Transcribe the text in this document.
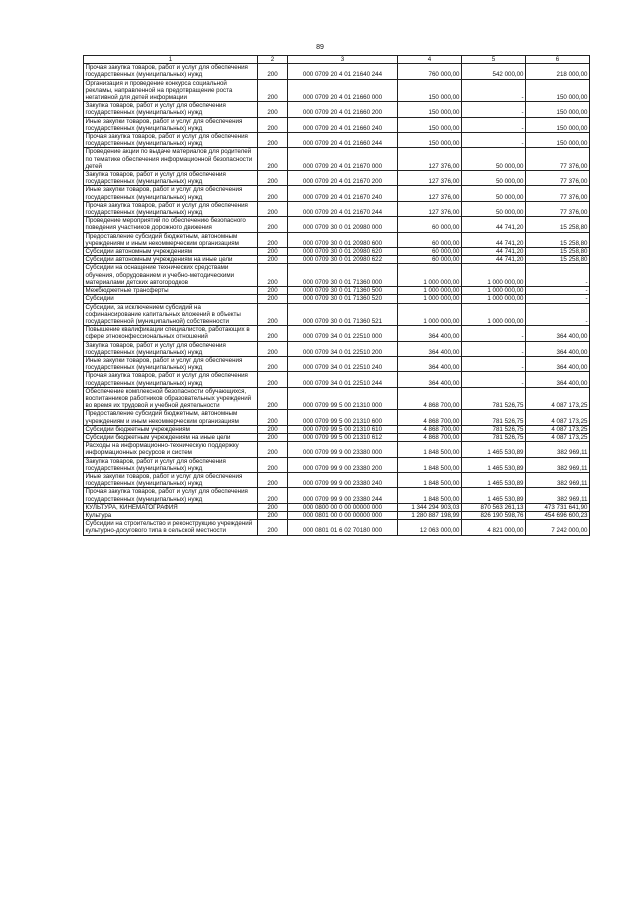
89
1	2	3	4	5	6
Прочая закупка товаров, работ и услуг для обеспечения государственных (муниципальных) нужд	200	000 0709 20 4 01 21640 244	760 000,00	542 000,00	218 000,00
Организация и проведение конкурса социальной рекламы, направленной на предотвращение роста негативной для детей информации	200	000 0709 20 4 01 21660 000	150 000,00	-	150 000,00
Закупка товаров, работ и услуг для обеспечения государственных (муниципальных) нужд	200	000 0709 20 4 01 21660 200	150 000,00	-	150 000,00
Иные закупки товаров, работ и услуг для обеспечения государственных (муниципальных) нужд	200	000 0709 20 4 01 21660 240	150 000,00	-	150 000,00
Прочая закупка товаров, работ и услуг для обеспечения государственных (муниципальных) нужд	200	000 0709 20 4 01 21660 244	150 000,00	-	150 000,00
Проведение акции по выдаче материалов для родителей по тематике обеспечения информационной безопасности детей	200	000 0709 20 4 01 21670 000	127 376,00	50 000,00	77 376,00
Закупка товаров, работ и услуг для обеспечения государственных (муниципальных) нужд	200	000 0709 20 4 01 21670 200	127 376,00	50 000,00	77 376,00
Иные закупки товаров, работ и услуг для обеспечения государственных (муниципальных) нужд	200	000 0709 20 4 01 21670 240	127 376,00	50 000,00	77 376,00
Прочая закупка товаров, работ и услуг для обеспечения государственных (муниципальных) нужд	200	000 0709 20 4 01 21670 244	127 376,00	50 000,00	77 376,00
Проведение мероприятий по обеспечению безопасного поведения участников дорожного движения	200	000 0709 30 0 01 20980 000	60 000,00	44 741,20	15 258,80
Предоставление субсидий бюджетным, автономным учреждениям и иным некоммерческим организациям	200	000 0709 30 0 01 20980 600	60 000,00	44 741,20	15 258,80
Субсидии автономным учреждениям	200	000 0709 30 0 01 20980 620	60 000,00	44 741,20	15 258,80
Субсидии автономным учреждениям на иные цели	200	000 0709 30 0 01 20980 622	60 000,00	44 741,20	15 258,80
Субсидии на оснащение технических средствами обучения, оборудованием и учебно-методическими материалами детских автогородков	200	000 0709 30 0 01 71360 000	1 000 000,00	1 000 000,00	-
Межбюджетные трансферты	200	000 0709 30 0 01 71360 500	1 000 000,00	1 000 000,00	-
Субсидии	200	000 0709 30 0 01 71360 520	1 000 000,00	1 000 000,00	-
Субсидии, за исключением субсидий на софинансирование капитальных вложений в объекты государственной (муниципальной) собственности	200	000 0709 30 0 01 71360 521	1 000 000,00	1 000 000,00	-
Повышение квалификации специалистов, работающих в сфере этноконфессиональных отношений	200	000 0709 34 0 01 22510 000	364 400,00	-	364 400,00
Закупка товаров, работ и услуг для обеспечения государственных (муниципальных) нужд	200	000 0709 34 0 01 22510 200	364 400,00	-	364 400,00
Иные закупки товаров, работ и услуг для обеспечения государственных (муниципальных) нужд	200	000 0709 34 0 01 22510 240	364 400,00	-	364 400,00
Прочая закупка товаров, работ и услуг для обеспечения государственных (муниципальных) нужд	200	000 0709 34 0 01 22510 244	364 400,00	-	364 400,00
Обеспечение комплексной безопасности обучающихся, воспитанников работников образовательных учреждений во время их трудовой и учебной деятельности	200	000 0709 99 5 00 21310 000	4 868 700,00	781 526,75	4 087 173,25
Предоставление субсидий бюджетным, автономным учреждениям и иным некоммерческим организациям	200	000 0709 99 5 00 21310 600	4 868 700,00	781 526,75	4 087 173,25
Субсидии бюджетным учреждениям	200	000 0709 99 5 00 21310 610	4 868 700,00	781 526,75	4 087 173,25
Субсидии бюджетным учреждениям на иные цели	200	000 0709 99 5 00 21310 612	4 868 700,00	781 526,75	4 087 173,25
Расходы на информационно-техническую поддержку информационных ресурсов и систем	200	000 0709 99 9 00 23380 000	1 848 500,00	1 465 530,89	382 969,11
Закупка товаров, работ и услуг для обеспечения государственных (муниципальных) нужд	200	000 0709 99 9 00 23380 200	1 848 500,00	1 465 530,89	382 969,11
Иные закупки товаров, работ и услуг для обеспечения государственных (муниципальных) нужд	200	000 0709 99 9 00 23380 240	1 848 500,00	1 465 530,89	382 969,11
Прочая закупка товаров, работ и услуг для обеспечения государственных (муниципальных) нужд	200	000 0709 99 9 00 23380 244	1 848 500,00	1 465 530,89	382 969,11
КУЛЬТУРА, КИНЕМАТОГРАФИЯ	200	000 0800 00 0 00 00000 000	1 344 294 903,03	870 563 261,13	473 731 641,90
Культура	200	000 0801 00 0 00 00000 000	1 280 887 198,99	826 190 598,76	454 696 600,23
Субсидии на строительство и реконструкцию учреждений культурно-досугового типа в сельской местности	200	000 0801 01 6 02 70180 000	12 063 000,00	4 821 000,00	7 242 000,00
